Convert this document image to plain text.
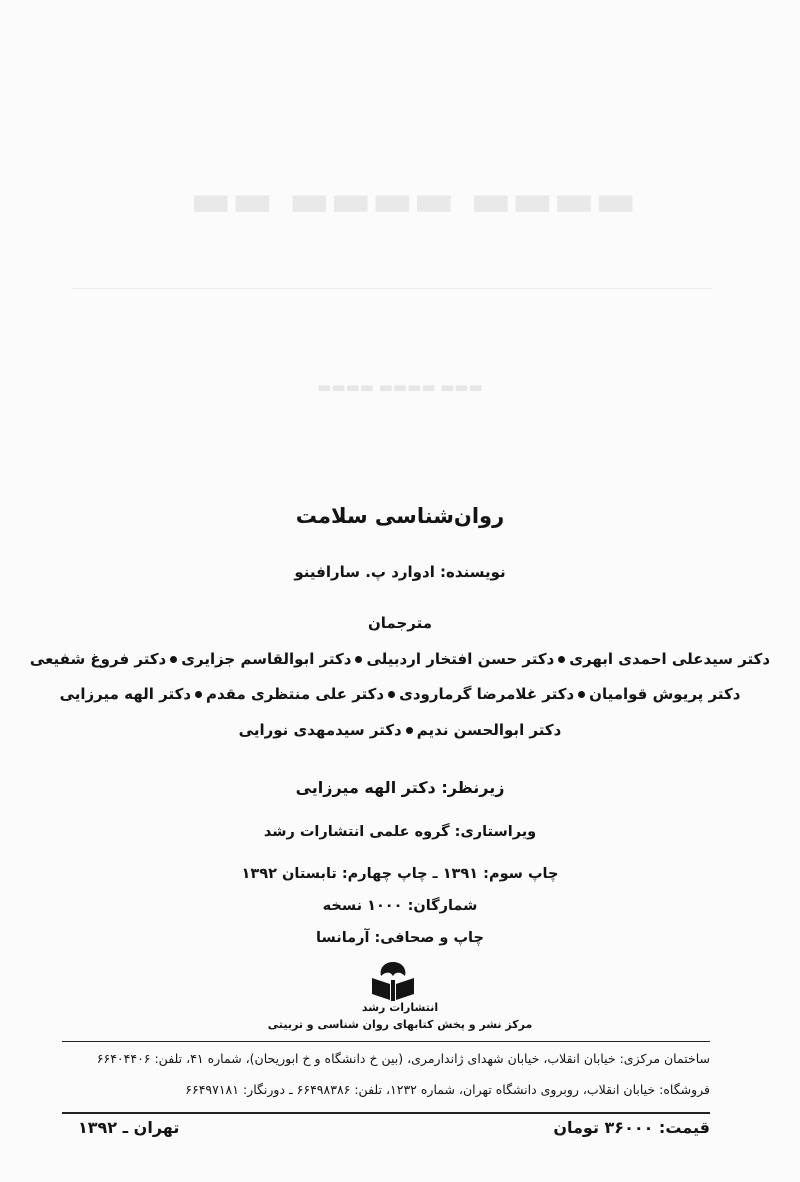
▬▬ ▬▬▬▬ ▬▬▬▬
▬▬▬▬ ▬▬▬▬ ▬▬▬
روان‌شناسی سلامت
نویسنده: ادوارد پ. سارافینو
مترجمان
دکتر سیدعلی احمدی ابهریدکتر حسن افتخار اردبیلیدکتر ابوالقاسم جزایریدکتر فروغ شفیعی
دکتر پریوش قوامیاندکتر غلامرضا گرمارودیدکتر علی منتظری مقدمدکتر الهه میرزایی
دکتر ابوالحسن ندیمدکتر سیدمهدی نورایی
زیرنظر: دکتر الهه میرزایی
ویراستاری: گروه علمی انتشارات رشد
چاپ سوم: ۱۳۹۱ ـ چاپ چهارم: تابستان ۱۳۹۲
شمارگان: ۱۰۰۰ نسخه
چاپ و صحافی: آرمانسا
انتشارات رشد
مرکز نشر و پخش کتابهای روان شناسی و تربیتی
ساختمان مرکزی: خیابان انقلاب، خیابان شهدای ژاندارمری، (بین خ دانشگاه و خ ابوریحان)، شماره ۴۱، تلفن: ۶۶۴۰۴۴۰۶
فروشگاه: خیابان انقلاب، روبروی دانشگاه تهران، شماره ۱۲۳۲، تلفن: ۶۶۴۹۸۳۸۶ ـ دورنگار: ۶۶۴۹۷۱۸۱
قیمت: ۳۶۰۰۰ تومان
تهران ـ ۱۳۹۲
